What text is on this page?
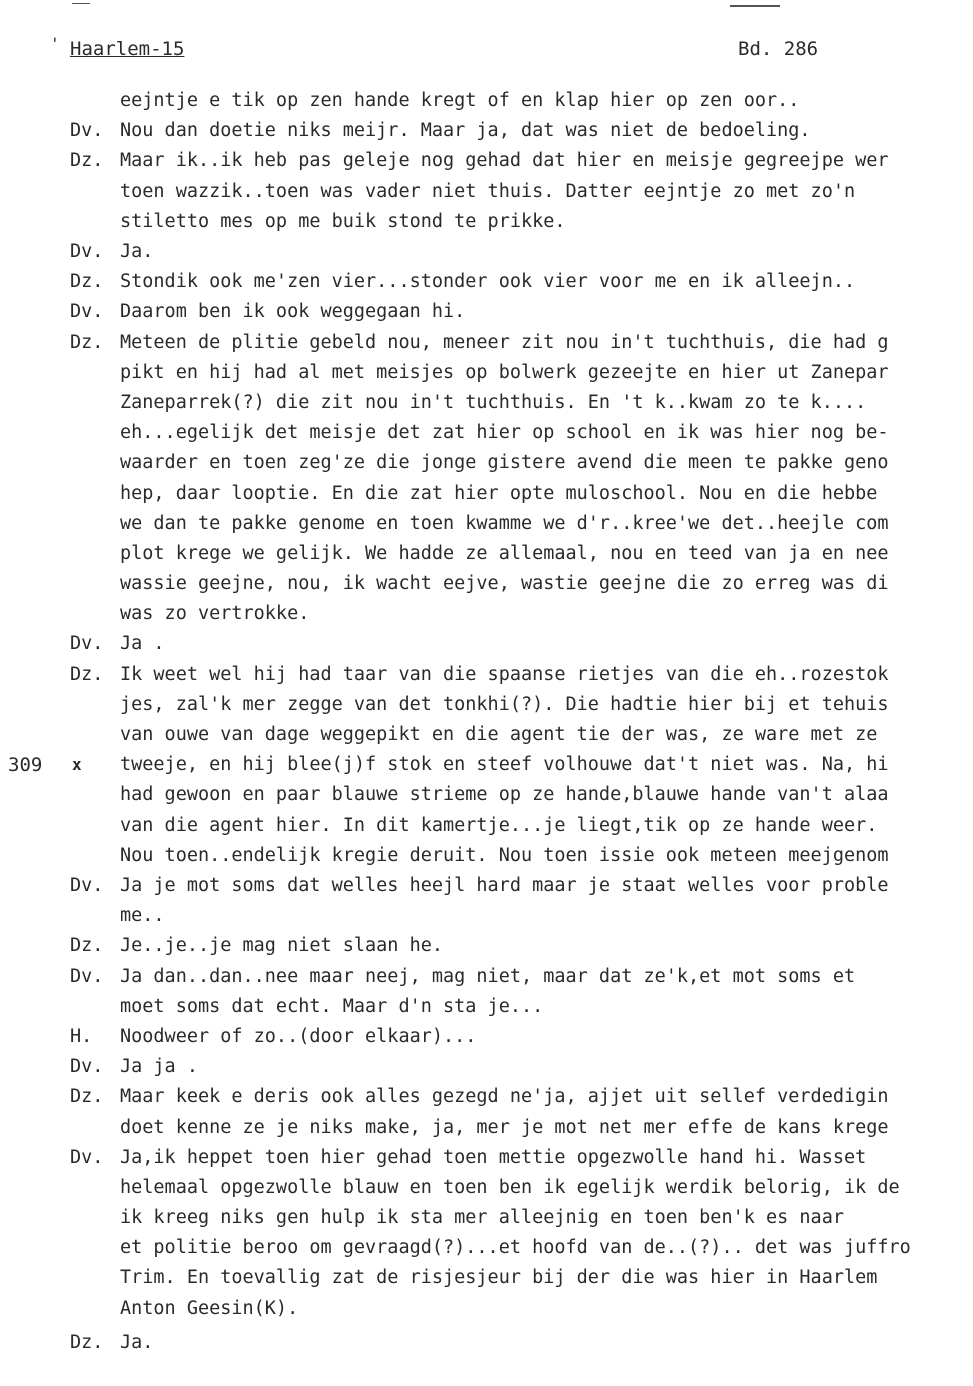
' Haarlem-15	Bd. 286
eejntje e tik op zen hande kregt of en klap hier op zen oor..
Dv. Nou dan doetie niks meijr. Maar ja, dat was niet de bedoeling.
Dz. Maar ik..ik heb pas geleje nog gehad dat hier en meisje gegreejpe wer
toen wazzik..toen was vader niet thuis. Datter eejntje zo met zo'n
stiletto mes op me buik stond te prikke.
Dv. Ja.
Dz. Stondik ook me'zen vier...stonder ook vier voor me en ik alleejn..
Dv. Daarom ben ik ook weggegaan hi.
Dz. Meteen de plitie gebeld nou, meneer zit nou in't tuchthuis, die had g
pikt en hij had al met meisjes op bolwerk gezeejte en hier ut Zanepar
Zaneparrek(?) die zit nou in't tuchthuis. En 't k..kwam zo te k....
eh...egelijk det meisje det zat hier op school en ik was hier nog be-
waarder en toen zeg'ze die jonge gistere avend die meen te pakke geno
hep, daar looptie. En die zat hier opte muloschool. Nou en die hebbe
we dan te pakke genome en toen kwamme we d'r..kree'we det..heejle com
plot krege we gelijk. We hadde ze allemaal, nou en teed van ja en nee
wassie geejne, nou, ik wacht eejve, wastie geejne die zo erreg was di
was zo vertrokke.
Dv. Ja .
Dz. Ik weet wel hij had taar van die spaanse rietjes van die eh..rozestok
jes, zal'k mer zegge van det tonkhi(?). Die hadtie hier bij et tehuis
van ouwe van dage weggepikt en die agent tie der was, ze ware met ze
tweeje, en hij blee(j)f stok en steef volhouwe dat't niet was. Na, hi
had gewoon en paar blauwe strieme op ze hande,blauwe hande van't alaa
van die agent hier. In dit kamertje...je liegt,tik op ze hande weer.
Nou toen..endelijk kregie deruit. Nou toen issie ook meteen meejgenom
309 x
Dv. Ja je mot soms dat welles heejl hard maar je staat welles voor proble
me..
Dz. Je..je..je mag niet slaan he.
Dv. Ja dan..dan..nee maar neej, mag niet, maar dat ze'k,et mot soms et
moet soms dat echt. Maar d'n sta je...
H.	Noodweer of zo..(door elkaar)...
Dv. Ja ja .
Dz. Maar keek e deris ook alles gezegd ne'ja, ajjet uit sellef verdedigin
doet kenne ze je niks make, ja, mer je mot net mer effe de kans krege
Dv. Ja,ik heppet toen hier gehad toen mettie opgezwolle hand hi. Wasset
helemaal opgezwolle blauw en toen ben ik egelijk werdik belorig, ik de
ik kreeg niks gen hulp ik sta mer alleejnig en toen ben'k es naar
et politie beroo om gevraagd(?)...et hoofd van de..(?).. det was juffro
Trim. En toevallig zat de risjesjeur bij der die was hier in Haarlem
Anton Geesin(K).
Dz. Ja.
